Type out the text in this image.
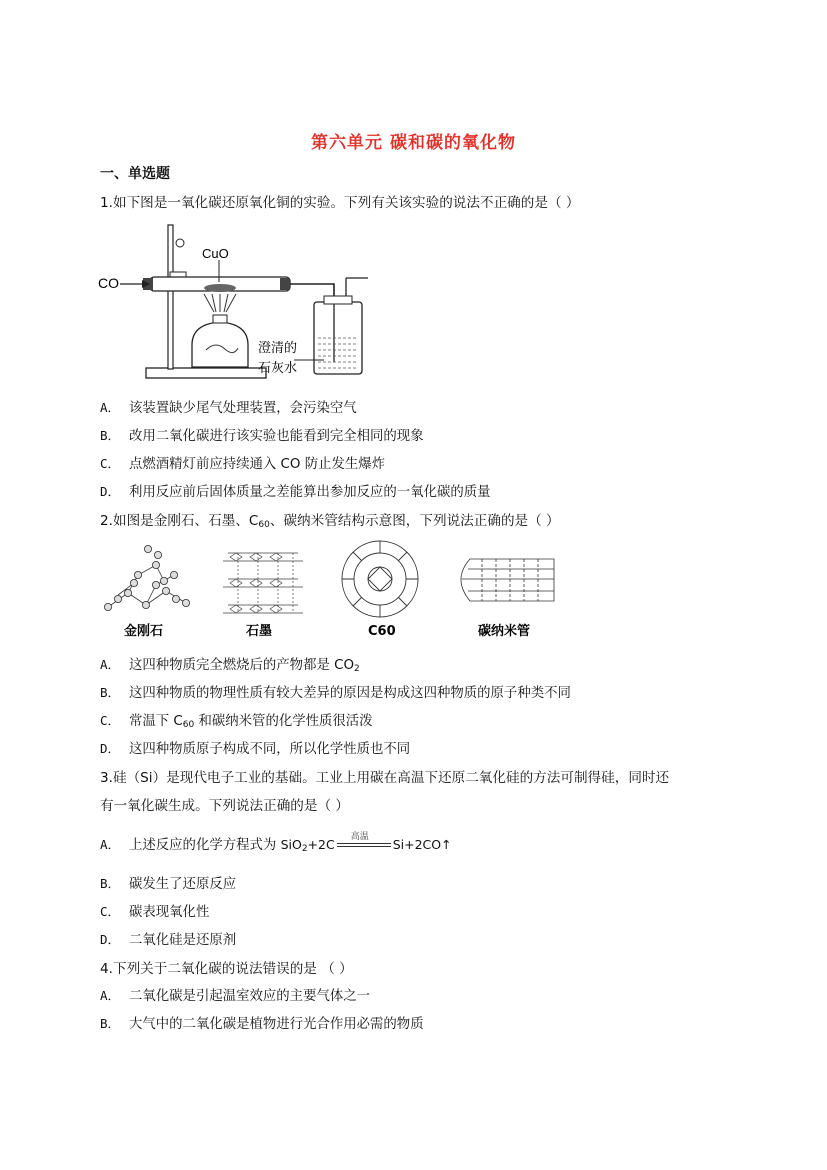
第六单元 碳和碳的氧化物
一、单选题
1.如下图是一氧化碳还原氧化铜的实验。下列有关该实验的说法不正确的是（ ）
CuO
CO
澄清的
石灰水
A． 该装置缺少尾气处理装置，会污染空气
B． 改用二氧化碳进行该实验也能看到完全相同的现象
C． 点燃酒精灯前应持续通入 CO 防止发生爆炸
D． 利用反应前后固体质量之差能算出参加反应的一氧化碳的质量
2.如图是金刚石、石墨、$C_{60}$、碳纳米管结构示意图，下列说法正确的是（ ）
金刚石	石墨	C60	碳纳米管
A． 这四种物质完全燃烧后的产物都是 $CO_2$
B． 这四种物质的物理性质有较大差异的原因是构成这四种物质的原子种类不同
C． 常温下 $C_{60}$ 和碳纳米管的化学性质很活泼
D． 这四种物质原子构成不同，所以化学性质也不同
3.硅（Si）是现代电子工业的基础。工业上用碳在高温下还原二氧化硅的方法可制得硅，同时还
有一氧化碳生成。下列说法正确的是（ ）
A． 上述反应的化学方程式为 SiO$_2$+2C 高温 Si+2CO↑
B． 碳发生了还原反应
C． 碳表现氧化性
D． 二氧化硅是还原剂
4.下列关于二氧化碳的说法错误的是 （ ）
A． 二氧化碳是引起温室效应的主要气体之一
B． 大气中的二氧化碳是植物进行光合作用必需的物质
